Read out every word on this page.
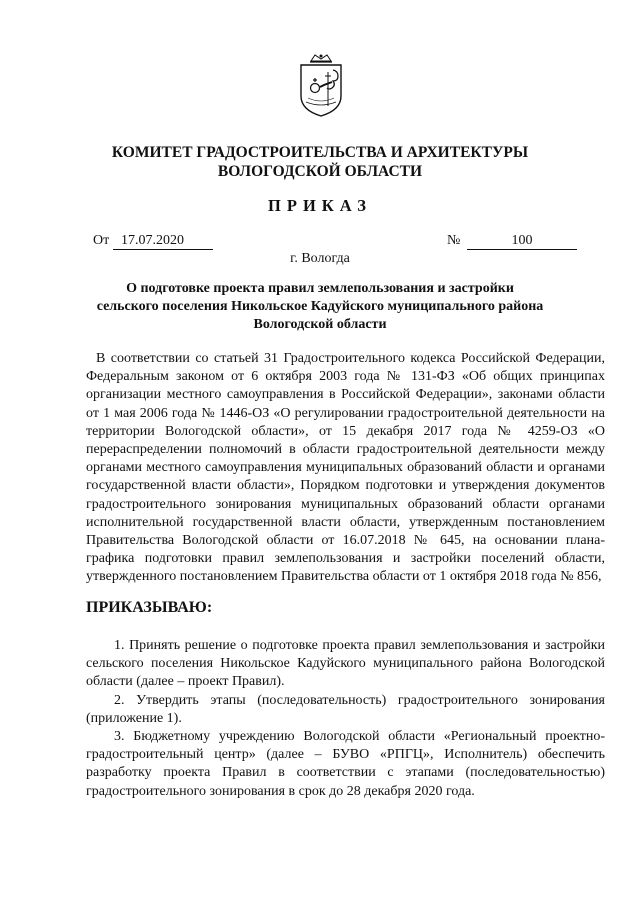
КОМИТЕТ ГРАДОСТРОИТЕЛЬСТВА И АРХИТЕКТУРЫ
ВОЛОГОДСКОЙ ОБЛАСТИ
ПРИКАЗ
От 17.07.2020	№	100
г. Вологда
О подготовке проекта правил землепользования и застройки
сельского поселения Никольское Кадуйского муниципального района
Вологодской области
В соответствии со статьей 31 Градостроительного кодекса Российской Федерации, Федеральным законом от 6 октября 2003 года № 131-ФЗ «Об общих принципах организации местного самоуправления в Российской Федерации», законами области от 1 мая 2006 года № 1446-ОЗ «О регулировании градостроительной деятельности на территории Вологодской области», от 15 декабря 2017 года № 4259-ОЗ «О перераспределении полномочий в области градостроительной деятельности между органами местного самоуправления муниципальных образований области и органами государственной власти области», Порядком подготовки и утверждения документов градостроительного зонирования муниципальных образований области органами исполнительной государственной власти области, утвержденным постановлением Правительства Вологодской области от 16.07.2018 № 645, на основании плана-графика подготовки правил землепользования и застройки поселений области, утвержденного постановлением Правительства области от 1 октября 2018 года № 856,
ПРИКАЗЫВАЮ:

1. Принять решение о подготовке проекта правил землепользования и застройки сельского поселения Никольское Кадуйского муниципального района Вологодской области (далее – проект Правил).

2. Утвердить этапы (последовательность) градостроительного зонирования (приложение 1).

3. Бюджетному учреждению Вологодской области «Региональный проектно-градостроительный центр» (далее – БУВО «РПГЦ», Исполнитель) обеспечить разработку проекта Правил в соответствии с этапами (последовательностью) градостроительного зонирования в срок до 28 декабря 2020 года.
